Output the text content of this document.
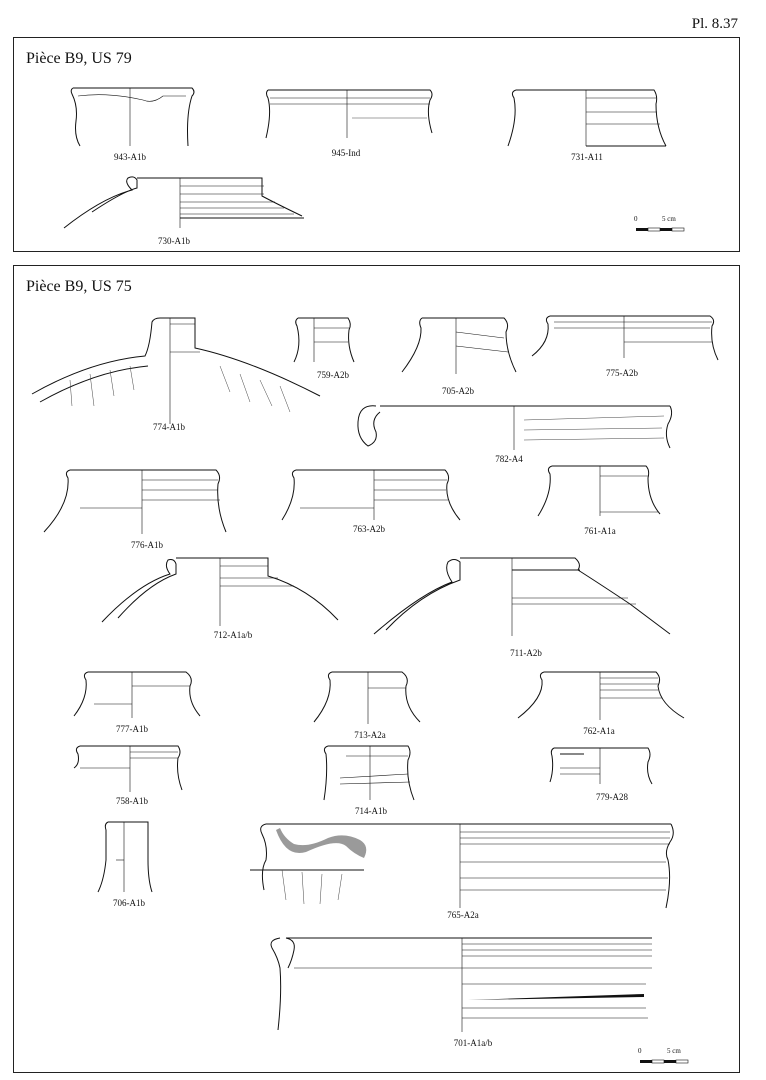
Pl. 8.37
Pièce B9, US 79
943-A1b	945-Ind	731-A11
730-A1b
0	5 cm
Pièce B9, US 75
774-A1b
759-A2b
705-A2b
775-A2b
782-A4
776-A1b
763-A2b	761-A1a
712-A1a/b
711-A2b
777-A1b
713-A2a	762-A1a
758-A1b
714-A1b
779-A28
706-A1b
765-A2a
701-A1a/b
0	5 cm
